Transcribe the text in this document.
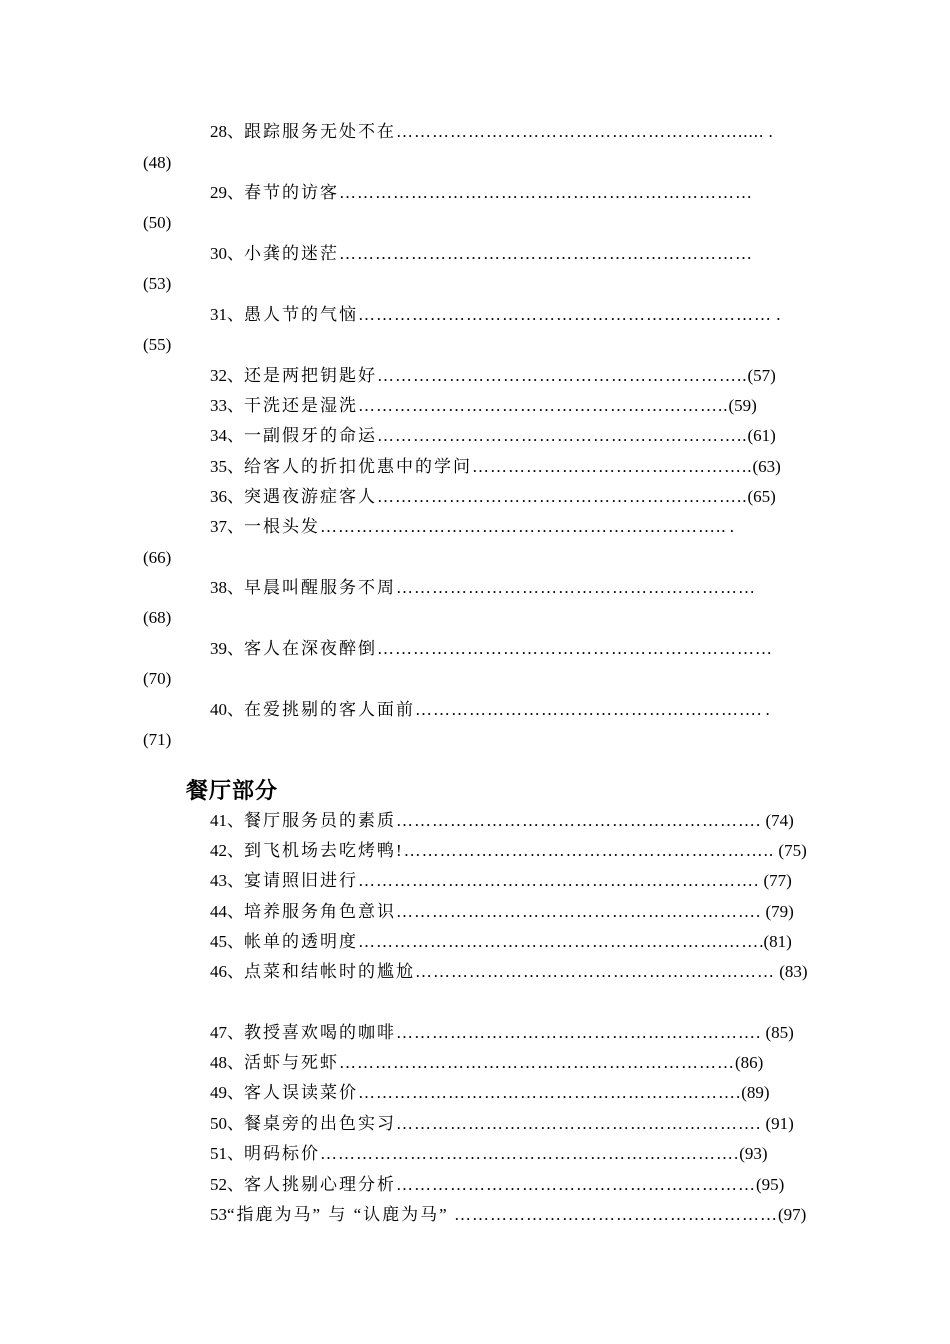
28、跟踪服务无处不在…………………………………………………..... .
(48)
29、春节的访客……………………………………………………………
(50)
30、小龚的迷茫……………………………………………………………
(53)
31、愚人节的气恼…………………………………………………………… .
(55)
32、还是两把钥匙好……………………………………………………..(57)
33、干洗还是湿洗……………………………………………………..(59)
34、一副假牙的命运……………………………………………………..(61)
35、给客人的折扣优惠中的学问………………………………………..(63)
36、突遇夜游症客人……………………………………………………..(65)
37、一根头发………………………………………………………….. .
(66)
38、早晨叫醒服务不周……………………………………………………
(68)
39、客人在深夜醉倒…………………………………………………………
(70)
40、在爱挑剔的客人面前…………………………………………………. .
(71)
餐厅部分
41、餐厅服务员的素质……………………………………………………. (74)
42、到飞机场去吃烤鸭!…………………………………………………….. (75)
43、宴请照旧进行…………………………………………………………. (77)
44、培养服务角色意识……………………………………………………. (79)
45、帐单的透明度…………………………………………………….…….(81)
46、点菜和结帐时的尴尬…………………………………………………… (83)
47、教授喜欢喝的咖啡……………………………………………………. (85)
48、活虾与死虾…………………………………………………………(86)
49、客人误读菜价……………………………………………………….(89)
50、餐桌旁的出色实习……………………………………………………. (91)
51、明码标价…………………………………………………………….(93)
52、客人挑剔心理分析……………………………………………………(95)
53“指鹿为马” 与 “认鹿为马” ………………………………………………(97)
